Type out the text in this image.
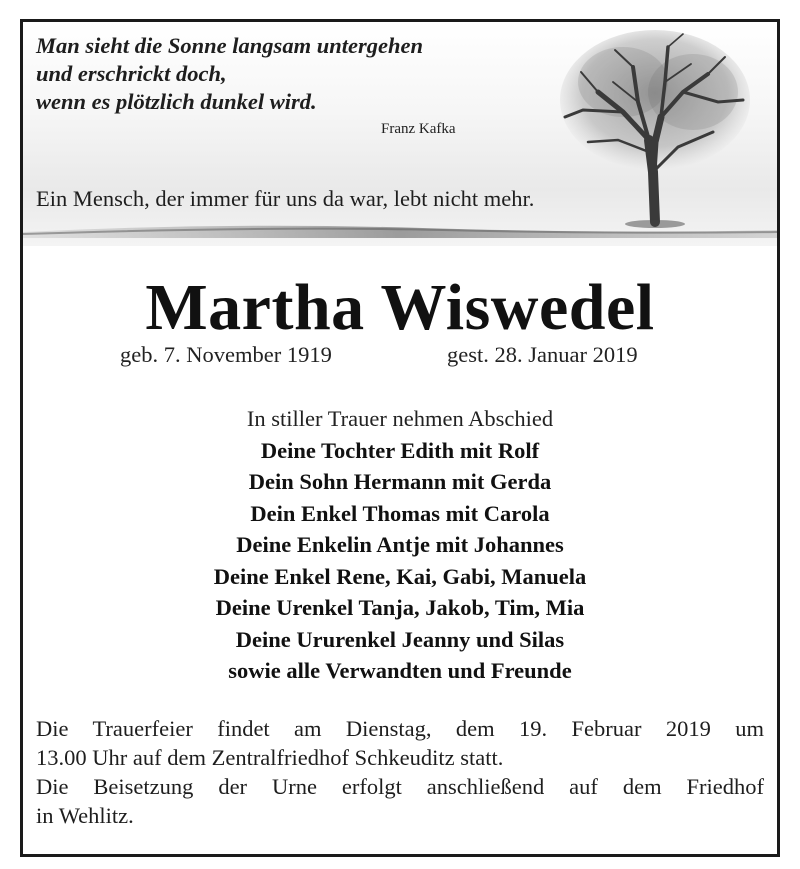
Man sieht die Sonne langsam untergehen
und erschrickt doch,
wenn es plötzlich dunkel wird.
Franz Kafka
Ein Mensch, der immer für uns da war, lebt nicht mehr.
Martha Wiswedel
geb. 7. November 1919	gest. 28. Januar 2019
In stiller Trauer nehmen Abschied
Deine Tochter Edith mit Rolf
Dein Sohn Hermann mit Gerda
Dein Enkel Thomas mit Carola
Deine Enkelin Antje mit Johannes
Deine Enkel Rene, Kai, Gabi, Manuela
Deine Urenkel Tanja, Jakob, Tim, Mia
Deine Ururenkel Jeanny und Silas
sowie alle Verwandten und Freunde

Die Trauerfeier findet am Dienstag, dem 19. Februar 2019 um

13.00 Uhr auf dem Zentralfriedhof Schkeuditz statt.

Die Beisetzung der Urne erfolgt anschließend auf dem Friedhof

in Wehlitz.
